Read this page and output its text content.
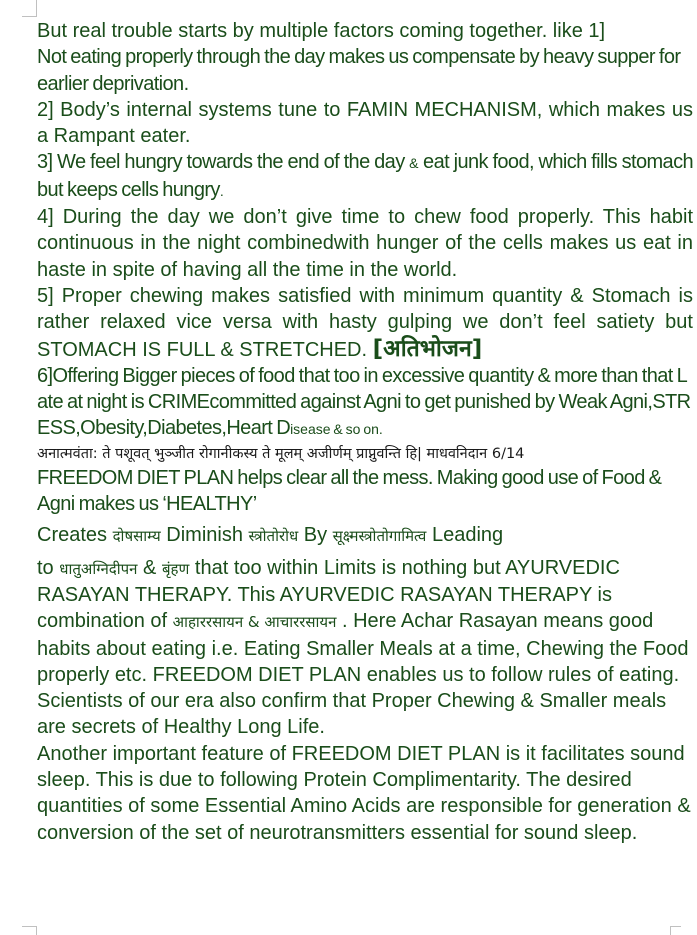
But real trouble starts by multiple factors coming together. like 1]

Not eating properly through the day makes us compensate by heavy supper for earlier deprivation.

2] Body’s internal systems tune to FAMIN MECHANISM, which makes us a Rampant eater.

3] We feel hungry towards the end of the day & eat junk food, which fills stomach but keeps cells hungry.

4] During the day we don’t give time to chew food properly. This habit continuous in the night combinedwith hunger of the cells makes us eat in haste in spite of having all the time in the world.

5] Proper chewing makes satisfied with minimum quantity & Stomach is rather relaxed vice versa with hasty gulping we don’t feel satiety but STOMACH IS FULL & STRETCHED. [अतिभोजन]

6]Offering Bigger pieces of food that too in excessive quantity & more than that Late at night is CRIMEcommitted against Agni to get punished by Weak Agni,STRESS,Obesity,Diabetes,Heart Disease & so on.

अनात्मवंता: ते पशूवत् भुञ्जीत रोगानीकस्य ते मूलम् अजीर्णम् प्राप्नुवन्ति हि| माधवनिदान 6/14

FREEDOM DIET PLAN helps clear all the mess. Making good use of Food & Agni makes us ‘HEALTHY’

Creates दोषसाम्य Diminish स्त्रोतोरोध By सूक्ष्मस्त्रोतोगामित्व Leading

to धातुअग्निदीपन & बृंहण that too within Limits is nothing but AYURVEDIC RASAYAN THERAPY. This AYURVEDIC RASAYAN THERAPY is combination of आहाररसायन & आचाररसायन . Here Achar Rasayan means good habits about eating i.e. Eating Smaller Meals at a time, Chewing the Food properly etc. FREEDOM DIET PLAN enables us to follow rules of eating. Scientists of our era also confirm that Proper Chewing & Smaller meals are secrets of Healthy Long Life.

Another important feature of FREEDOM DIET PLAN is it facilitates sound sleep. This is due to following Protein Complimentarity. The desired quantities of some Essential Amino Acids are responsible for generation & conversion of the set of neurotransmitters essential for sound sleep.
